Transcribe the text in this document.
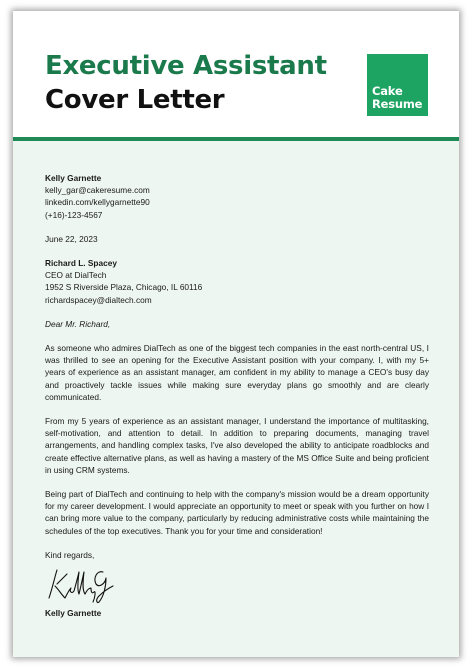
Executive Assistant
Cover Letter	Cake
Resume
Kelly Garnette
kelly_gar@cakeresume.com
linkedin.com/kellygarnette90
(+16)-123-4567

June 22, 2023

Richard L. Spacey
CEO at DialTech
1952 S Riverside Plaza, Chicago, IL 60116
richardspacey@dialtech.com

Dear Mr. Richard,

As someone who admires DialTech as one of the biggest tech companies in the east north-central US, I was thrilled to see an opening for the Executive Assistant position with your company. I, with my 5+ years of experience as an assistant manager, am confident in my ability to manage a CEO's busy day and proactively tackle issues while making sure everyday plans go smoothly and are clearly communicated.

From my 5 years of experience as an assistant manager, I understand the importance of multitasking, self-motivation, and attention to detail. In addition to preparing documents, managing travel arrangements, and handling complex tasks, I've also developed the ability to anticipate roadblocks and create effective alternative plans, as well as having a mastery of the MS Office Suite and being proficient in using CRM systems.

Being part of DialTech and continuing to help with the company's mission would be a dream opportunity for my career development. I would appreciate an opportunity to meet or speak with you further on how I can bring more value to the company, particularly by reducing administrative costs while maintaining the schedules of the top executives. Thank you for your time and consideration!

Kind regards,

Kelly Garnette
